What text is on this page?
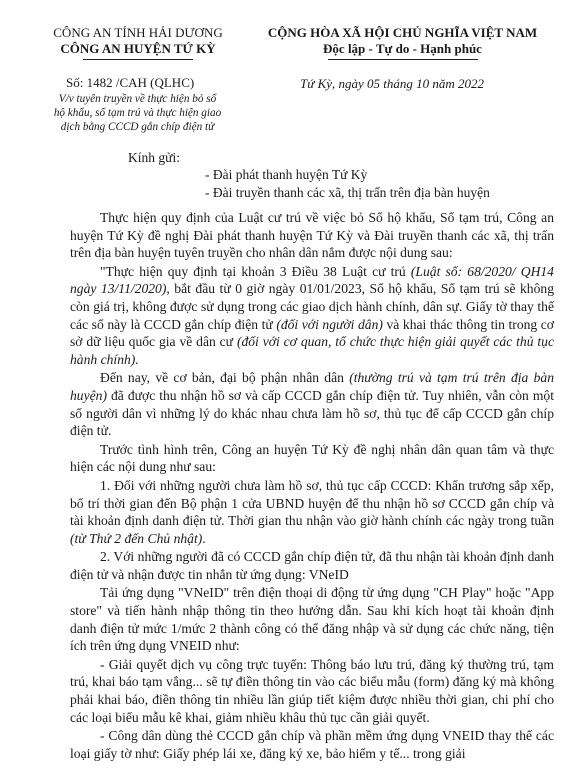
CÔNG AN TỈNH HẢI DƯƠNG
CÔNG AN HUYỆN TỨ KỲ
CỘNG HÒA XÃ HỘI CHỦ NGHĨA VIỆT NAM
Độc lập - Tự do - Hạnh phúc
Số: 1482 /CAH (QLHC)	Tứ Kỳ, ngày 05 tháng 10 năm 2022
V/v tuyên truyền về thực hiện bỏ sổ
hộ khẩu, sổ tạm trú và thực hiện giao
dịch bằng CCCD gắn chíp điện tử
Kính gửi:
- Đài phát thanh huyện Tứ Kỳ
- Đài truyền thanh các xã, thị trấn trên địa bàn huyện

Thực hiện quy định của Luật cư trú về việc bỏ Sổ hộ khẩu, Sổ tạm trú, Công an huyện Tứ Kỳ đề nghị Đài phát thanh huyện Tứ Kỳ và Đài truyền thanh các xã, thị trấn trên địa bàn huyện tuyên truyền cho nhân dân nắm được nội dung sau:

"Thực hiện quy định tại khoản 3 Điều 38 Luật cư trú (Luật số: 68/2020/ QH14 ngày 13/11/2020), bắt đầu từ 0 giờ ngày 01/01/2023, Sổ hộ khẩu, Sổ tạm trú sẽ không còn giá trị, không được sử dụng trong các giao dịch hành chính, dân sự. Giấy tờ thay thế các sổ này là CCCD gắn chíp điện tử (đối với người dân) và khai thác thông tin trong cơ sở dữ liệu quốc gia về dân cư (đối với cơ quan, tổ chức thực hiện giải quyết các thủ tục hành chính).

Đến nay, về cơ bản, đại bộ phận nhân dân (thường trú và tạm trú trên địa bàn huyện) đã được thu nhận hồ sơ và cấp CCCD gắn chíp điện tử. Tuy nhiên, vẫn còn một số người dân vì những lý do khác nhau chưa làm hồ sơ, thủ tục để cấp CCCD gắn chíp điện tử.

Trước tình hình trên, Công an huyện Tứ Kỳ đề nghị nhân dân quan tâm và thực hiện các nội dung như sau:

1. Đối với những người chưa làm hồ sơ, thủ tục cấp CCCD: Khẩn trương sắp xếp, bố trí thời gian đến Bộ phận 1 cửa UBND huyện để thu nhận hồ sơ CCCD gắn chíp và tài khoản định danh điện tử. Thời gian thu nhận vào giờ hành chính các ngày trong tuần (từ Thứ 2 đến Chủ nhật).

2. Với những người đã có CCCD gắn chíp điện tử, đã thu nhận tài khoản định danh điện tử và nhận được tin nhắn từ ứng dụng: VNeID

Tải ứng dụng "VNeID" trên điện thoại di động từ ứng dụng "CH Play" hoặc "App store" và tiến hành nhập thông tin theo hướng dẫn. Sau khi kích hoạt tài khoản định danh điện tử mức 1/mức 2 thành công có thể đăng nhập và sử dụng các chức năng, tiện ích trên ứng dụng VNEID như:

- Giải quyết dịch vụ công trực tuyến: Thông báo lưu trú, đăng ký thường trú, tạm trú, khai báo tạm vắng... sẽ tự điền thông tin vào các biểu mẫu (form) đăng ký mà không phải khai báo, điền thông tin nhiều lần giúp tiết kiệm được nhiều thời gian, chi phí cho các loại biểu mẫu kê khai, giảm nhiều khâu thủ tục cần giải quyết.

- Công dân dùng thẻ CCCD gắn chíp và phần mềm ứng dụng VNEID thay thế các loại giấy tờ như: Giấy phép lái xe, đăng ký xe, bảo hiểm y tế... trong giải
